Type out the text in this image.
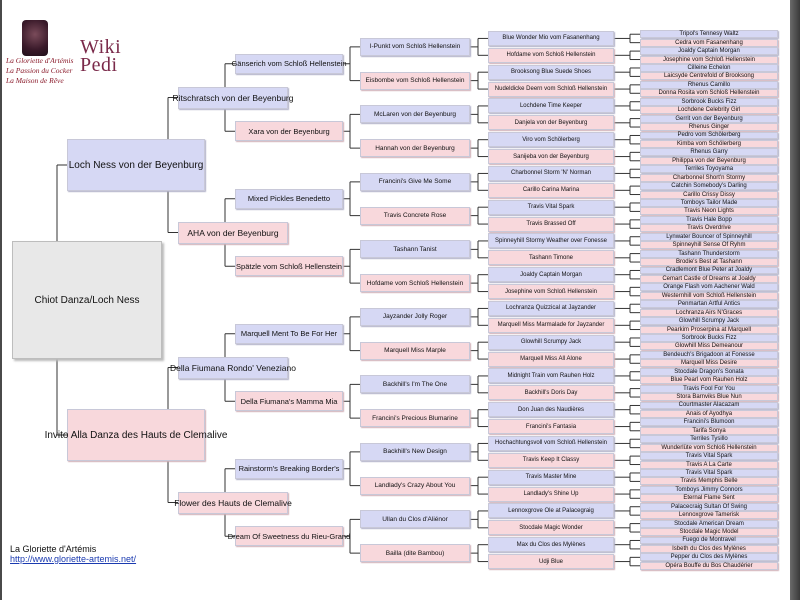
La Gloriette d'Artémis
La Passion du Cocker
La Maison de Rêve
Wiki
Pedi
Chiot Danza/Loch Ness
Loch Ness von der Beyenburg
Invito Alla Danza des Hauts de Clemalive
Ritschratsch von der Beyenburg
AHA von der Beyenburg
Della Fiumana Rondo' Veneziano
Flower des Hauts de Clemalive
Gänserich vom Schloß Hellenstein
Xara von der Beyenburg
Mixed Pickles Benedetto
Spätzle vom Schloß Hellenstein
Marquell Ment To Be For Her
Della Fiumana's Mamma Mia
Rainstorm's Breaking Border's
Dream Of Sweetness du Rieu-Grand
I-Punkt vom Schloß Hellenstein
Eisbombe vom Schloß Hellenstein
McLaren von der Beyenburg
Hannah von der Beyenburg
Francini's Give Me Some
Travis Concrete Rose
Tashann Tanist
Hofdame vom Schloß Hellenstein
Jayzander Jolly Roger
Marquell Miss Marple
Backhill's I'm The One
Francini's Precious Blumarine
Backhill's New Design
Landlady's Crazy About You
Ullan du Clos d'Aliénor
Bailla (dite Bambou)
Blue Wonder Mio vom Fasanenhang
Hofdame vom Schloß Hellenstein
Brooksong Blue Suede Shoes
Nudeldicke Deern vom Schloß Hellenstein
Lochdene Time Keeper
Danjela von der Beyenburg
Viro vom Schölerberg
Sanijeba von der Beyenburg
Charbonnel Storm 'N' Norman
Carillo Carina Marina
Travis Vital Spark
Travis Brassed Off
Spinneyhill Stormy Weather over Fonesse
Tashann Timone
Joaldy Captain Morgan
Josephine vom Schloß Hellenstein
Lochranza Quizzical at Jayzander
Marquell Miss Marmalade for Jayzander
Glowhill Scrumpy Jack
Marquell Miss All Alone
Midnight Train vom Rauhen Holz
Backhill's Doris Day
Don Juan des Naudières
Francini's Fantasia
Hochachtungsvoll vom Schloß Hellenstein
Travis Keep It Classy
Travis Master Mine
Landlady's Shine Up
Lennoxgrove Ole at Palacegraig
Stocdale Magic Wonder
Max du Clos des Mylènes
Udji Blue
Tripol's Tennesy Waltz
Cedra vom Fasanenhang
Joaldy Captain Morgan
Josephine vom Schloß Hellenstein
Cilleine Echelon
Laicsyde Centrefold of Brooksong
Rhenus Camillo
Donna Rosita vom Schloß Hellenstein
Sorbrook Bucks Fizz
Lochdene Celebrity Girl
Gerrit von der Beyenburg
Rhenus Ginger
Pedro vom Schölerberg
Kimba vom Schölerberg
Rhenus Garry
Philippa von der Beyenburg
Terriles Toyoyama
Charbonnel Short'n Stormy
Catchin Somebody's Darling
Carillo Crissy Dissy
Tomboys Tailor Made
Travis Neon Lights
Travis Hale Bopp
Travis Overdrive
Lynwater Bouncer of Spinneyhill
Spinneyhill Sense Of Ryhm
Tashann Thunderstorm
Brodie's Best at Tashann
Cradlemont Blue Peter at Joaldy
Cemart Castle of Dreams at Joaldy
Orange Flash vom Aachener Wald
Westernhill vom Schloß Hellenstein
Penmartan Artful Antics
Lochranza Airs N'Graces
Glowhill Scrumpy Jack
Pearkim Proserpina at Marquell
Sorbrook Bucks Fizz
Glowhill Miss Demeanour
Bendeuch's Brigadoon at Fonesse
Marquell Miss Desire
Stocdale Dragon's Sonata
Blue Pearl vom Rauhen Holz
Travis Fool For You
Stora Barnviks Blue Nun
Courtmaster Alacazam
Anais of Ayodhya
Francini's Blumoon
Tarifa Sonya
Terriles Tysillo
Wunderlüte vom Schloß Hellenstein
Travis Vital Spark
Travis A La Carte
Travis Vital Spark
Travis Memphis Belle
Tomboys Jimmy Connors
Eternal Flame Sent
Palacecraig Sultan Of Swing
Lennoxgrove Tamerisk
Stocdale American Dream
Stocdale Magic Model
Fuego de Montravel
Isbeth du Clos des Mylènes
Pepper du Clos des Mylènes
Opéra Bouffe du Bos Chaudérier
La Gloriette d'Artémis
http://www.gloriette-artemis.net/
